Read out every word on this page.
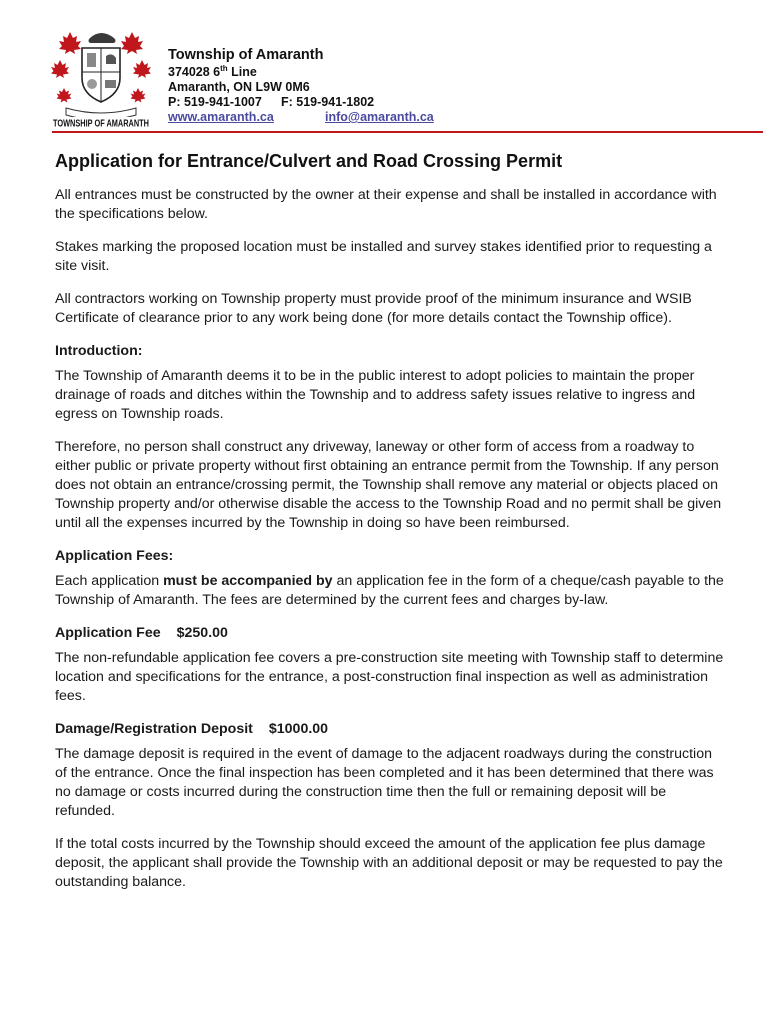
TOWNSHIP OF AMARANTH
Township of Amaranth
374028 6th Line
Amaranth, ON L9W 0M6
P: 519-941-1007 F: 519-941-1802
www.amaranth.ca	info@amaranth.ca
Application for Entrance/Culvert and Road Crossing Permit

All entrances must be constructed by the owner at their expense and shall be installed in accordance with the specifications below.

Stakes marking the proposed location must be installed and survey stakes identified prior to requesting a site visit.

All contractors working on Township property must provide proof of the minimum insurance and WSIB Certificate of clearance prior to any work being done (for more details contact the Township office).

Introduction:

The Township of Amaranth deems it to be in the public interest to adopt policies to maintain the proper drainage of roads and ditches within the Township and to address safety issues relative to ingress and egress on Township roads.

Therefore, no person shall construct any driveway, laneway or other form of access from a roadway to either public or private property without first obtaining an entrance permit from the Township. If any person does not obtain an entrance/crossing permit, the Township shall remove any material or objects placed on Township property and/or otherwise disable the access to the Township Road and no permit shall be given until all the expenses incurred by the Township in doing so have been reimbursed.

Application Fees:

Each application must be accompanied by an application fee in the form of a cheque/cash payable to the Township of Amaranth. The fees are determined by the current fees and charges by-law.

Application Fee $250.00

The non-refundable application fee covers a pre-construction site meeting with Township staff to determine location and specifications for the entrance, a post-construction final inspection as well as administration fees.

Damage/Registration Deposit $1000.00

The damage deposit is required in the event of damage to the adjacent roadways during the construction of the entrance. Once the final inspection has been completed and it has been determined that there was no damage or costs incurred during the construction time then the full or remaining deposit will be refunded.

If the total costs incurred by the Township should exceed the amount of the application fee plus damage deposit, the applicant shall provide the Township with an additional deposit or may be requested to pay the outstanding balance.
